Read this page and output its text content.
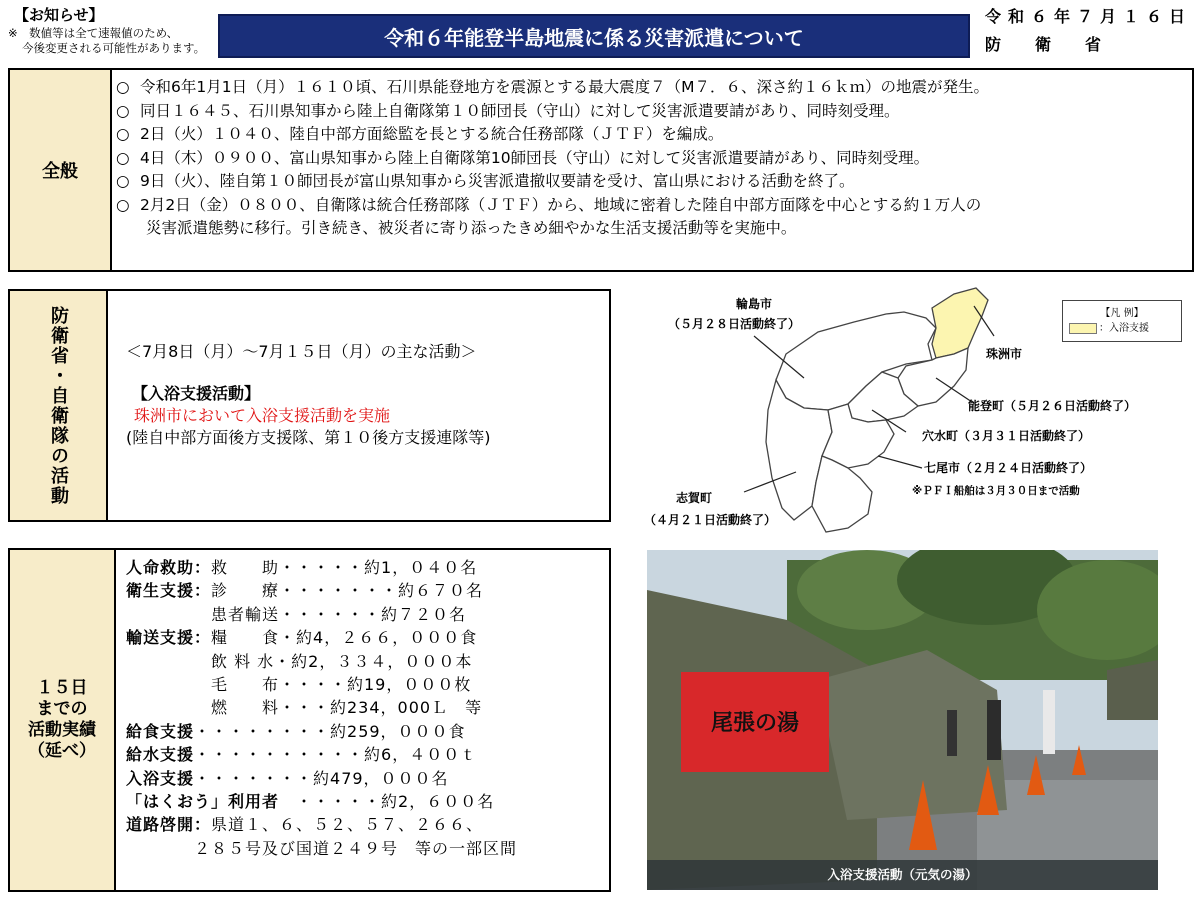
【お知らせ】
※　数値等は全て速報値のため、
今後変更される可能性があります。	令和６年能登半島地震に係る災害派遣について
令和６年７月１６日
防衛省
全般
○ 令和6年1月1日（月）１６１０頃、石川県能登地方を震源とする最大震度７（M７．６、深さ約１６ｋｍ）の地震が発生。
○ 同日１６４５、石川県知事から陸上自衛隊第１０師団長（守山）に対して災害派遣要請があり、同時刻受理。
○ 2日（火）１０４０、陸自中部方面総監を長とする統合任務部隊（ＪＴＦ）を編成。
○ 4日（木）０９００、富山県知事から陸上自衛隊第10師団長（守山）に対して災害派遣要請があり、同時刻受理。
○ 9日（火）、陸自第１０師団長が富山県知事から災害派遣撤収要請を受け、富山県における活動を終了。
○ 2月2日（金）０８００、自衛隊は統合任務部隊（ＪＴＦ）から、地域に密着した陸自中部方面隊を中心とする約１万人の
災害派遣態勢に移行。引き続き、被災者に寄り添ったきめ細やかな生活支援活動等を実施中。
防衛省・自衛隊の活動	＜7月8日（月）～7月１５日（月）の主な活動＞
【入浴支援活動】
珠洲市において入浴支援活動を実施
(陸自中部方面後方支援隊、第１０後方支援連隊等)
１５日
までの
活動実績
（延べ）
人命救助：救　　助・・・・・約1，０４０名
衛生支援：診　　療・・・・・・・約６７０名
　　　　　患者輸送・・・・・・約７２０名
輸送支援：糧　　食・約4，２６６，０００食
　　　　　飲 料 水・約2，３３４，０００本
　　　　　毛　　布・・・・約19，０００枚
　　　　　燃　　料・・・約234，000Ｌ　等
給食支援・・・・・・・・約259，０００食
給水支援・・・・・・・・・・約6，４００ｔ
入浴支援・・・・・・・約479，０００名
「はくおう」利用者　・・・・・約2，６００名
道路啓開：県道１、６、５２、５７、２６６、
　　　　２８５号及び国道２４９号　等の一部区間
輪島市
（５月２８日活動終了）
珠洲市
能登町（５月２６日活動終了）
穴水町（３月３１日活動終了）
七尾市（２月２４日活動終了）
※ＰＦＩ船舶は３月３０日まで活動
志賀町
（４月２１日活動終了）
【凡 例】
：入浴支援
尾張の湯
入浴支援活動（元気の湯）
